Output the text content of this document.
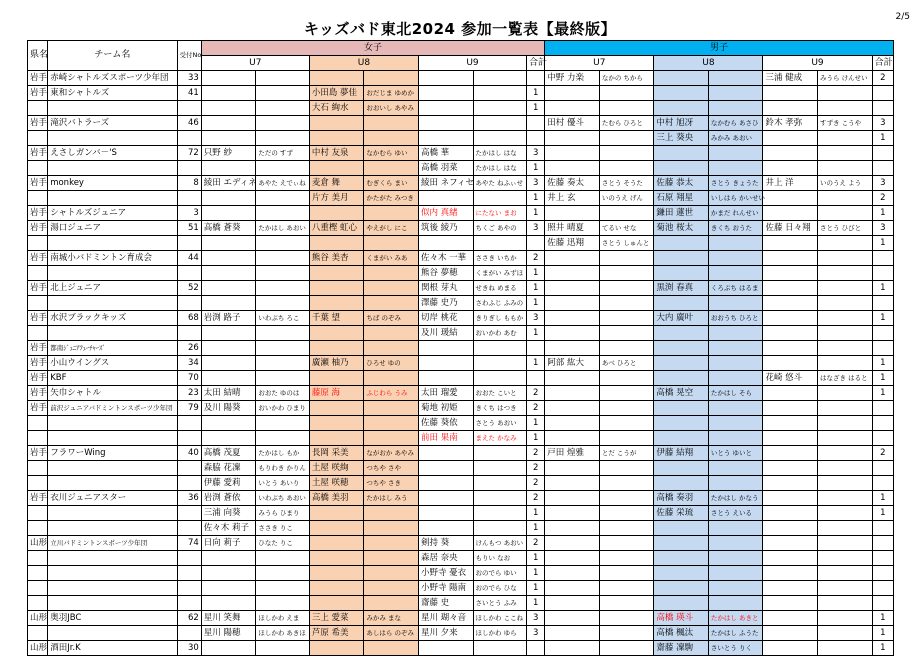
キッズバド東北2024 参加一覧表【最終版】
2/5
県名	チーム名	受付No	女子							男子						
			U7		U8		U9		合計	U7		U8		U9		合計
岩手	赤崎シャトルズスポーツ少年団	33								中野 力楽	なかの ちから			三浦 健成	みうら けんせい	2
岩手	東和シャトルズ	41			小田島 夢佳	おだじま ゆめか			1							
					大石 絢水	おおいし あやみ			1							
岩手	滝沢バトラーズ	46								田村 優斗	たむら ひろと	中村 旭冴	なかむら あさひ	鈴木 孝弥	すずき こうや	3
												三上 葵央	みかみ あおい			1
岩手	えさしガンバ－'S	72	只野 紗	ただの すず	中村 友泉	なかむら ゆい	高橋 華	たかはし はな	3							
							高橋 羽菜	たかはし はな	1							
岩手	monkey	8	綾田 エディネ	あやた えでぃね	麦倉 舞	むぎくら まい	綾田 ネフィセ	あやた ねふぃせ	3	佐藤 奏太	さとう そうた	佐藤 恭太	さとう きょうた	井上 洋	いのうえ よう	3
					片方 美月	かたがた みつき			1	井上 玄	いのうえ げん	石原 翔星	いしはら かいせい			2
岩手	シャトルズジュニア	3					似内 真緒	にたない まお	1			鎌田 蓮世	かまだ れんせい			1
岩手	湯口ジュニア	51	高橋 蒼葵	たかはし あおい	八重樫 虹心	やえがし にこ	筑後 綾乃	ちくご あやの	3	照井 晴夏	てるい せな	菊池 桜太	きくち おうた	佐藤 日々翔	さとう ひびと	3
										佐藤 迅翔	さとう しゅんと					1
岩手	南城小バドミントン育成会	44			熊谷 美杏	くまがい みあ	佐々木 一華	ささき いちか	2							
							熊谷 夢穂	くまがい みずほ	1							
岩手	北上ジュニア	52					関根 芽丸	せきね めまる	1			黒渕 春真	くろぶち はるま			1
							澤藤 史乃	さわふじ ふみの	1							
岩手	水沢ブラックキッズ	68	岩渕 路子	いわぶち ろこ	千葉 望	ちば のぞみ	切岸 桃花	きりぎし ももか	3			大内 廣叶	おおうち ひろと			1
							及川 瑗結	おいかわ あむ	1							
岩手	都南ｼﾞｭﾆｱﾌｭｰﾁｬｰｽﾞ	26														
岩手	小山ウイングス	34			廣瀬 柚乃	ひろせ ゆの			1	阿部 紘大	あべ ひろと					1
岩手	KBF	70												花崎 悠斗	はなざき はると	1
岩手	矢巾シャトル	23	太田 結晴	おおた ゆのは	藤原 海	ふじわら うみ	太田 瑠愛	おおた こいと	2			高橋 晃空	たかはし そら			1
岩手	前沢ジュニアバドミントンスポーツ少年団	79	及川 陽葵	おいかわ ひまり			菊地 初姫	きくち はつき	2							
							佐藤 葵依	さとう あおい	1							
							前田 果南	まえた かなみ	1							
岩手	フラワーWing	40	高橋 茂夏	たかはし もか	長岡 采美	ながおか あやみ			2	戸田 煌雅	とだ こうが	伊藤 結翔	いとう ゆいと			2
			森脇 花凜	もりわき かりん	土屋 咲絢	つちや さや			2							
			伊藤 愛莉	いとう あいり	土屋 咲穂	つちや さき			2							
岩手	衣川ジュニアスター	36	岩渕 蒼依	いわぶち あおい	高橋 美羽	たかはし みう			2			高橋 奏羽	たかはし かなう			1
			三浦 向葵	みうら ひまり					1			佐藤 栄琉	さとう えいる			1
			佐々木 莉子	ささき りこ					1							
山形	立川バドミントンスポーツ少年団	74	日向 莉子	ひなた りこ			剣持 葵	けんもつ あおい	2							
							森居 奈央	もりい なお	1							
							小野寺 憂衣	おのでら ゆい	1							
							小野寺 陽南	おのでら ひな	1							
							齋藤 史	さいとう ふみ	1							
山形	奥羽JBC	62	星川 笑舞	ほしかわ えま	三上 愛菜	みかみ まな	星川 瑚々音	ほしかわ ここね	3			高橋 瑛斗	たかはし あきと			1
			星川 陽穂	ほしかわ あきほ	芦原 希美	あしはら のぞみ	星川 夕来	ほしかわ ゆら	3			高橋 楓汰	たかはし ふうた			1
山形	酒田Jr.K	30										齋藤 凜駒	さいとう りく			1
